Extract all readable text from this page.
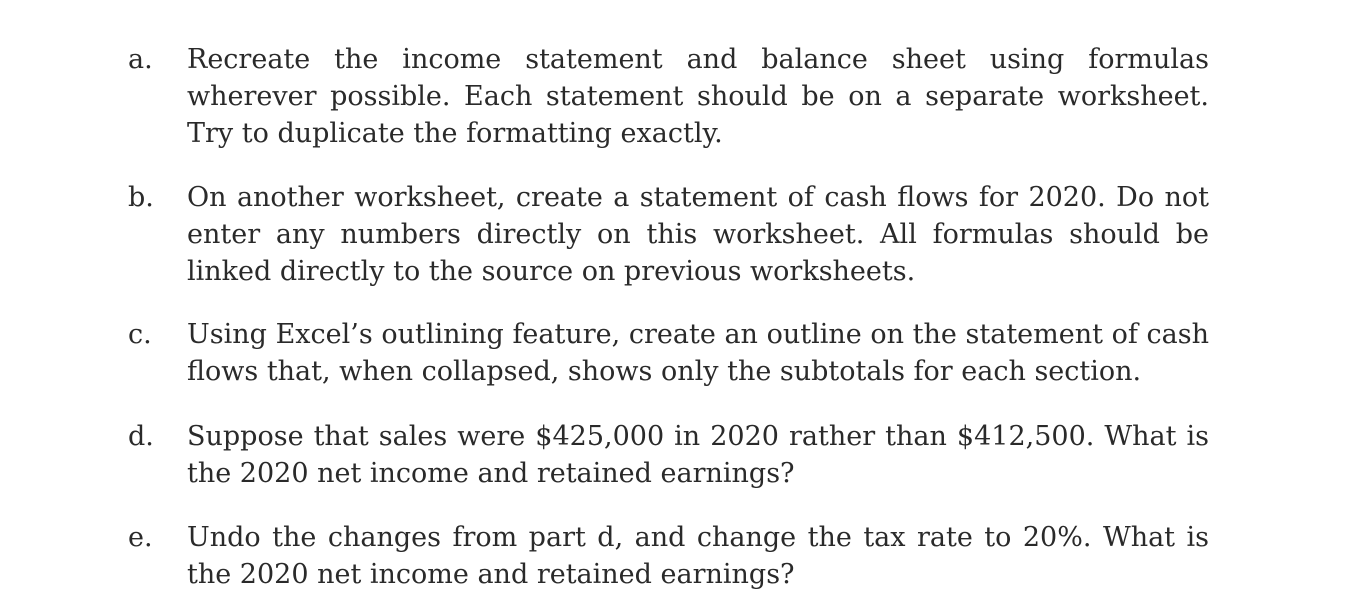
a. Recreate the income statement and balance sheet using formulas wherever possible. Each statement should be on a separate worksheet. Try to duplicate the formatting exactly.
b. On another worksheet, create a statement of cash flows for 2020. Do not enter any numbers directly on this worksheet. All formulas should be linked directly to the source on previous worksheets.
c. Using Excel’s outlining feature, create an outline on the statement of cash flows that, when collapsed, shows only the subtotals for each section.
d. Suppose that sales were $425,000 in 2020 rather than $412,500. What is the 2020 net income and retained earnings?
e. Undo the changes from part d, and change the tax rate to 20%. What is the 2020 net income and retained earnings?
